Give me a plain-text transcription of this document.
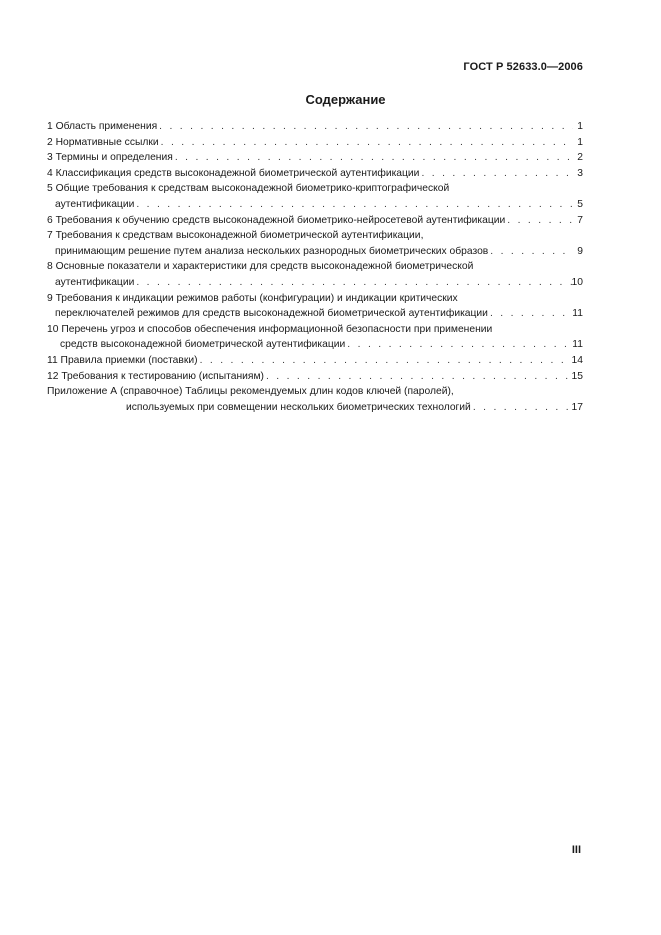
ГОСТ Р 52633.0—2006
Содержание
1 Область применения . . .	1
2 Нормативные ссылки . . .	1
3 Термины и определения . . .	2
4 Классификация средств высоконадежной биометрической аутентификации . . .	3
5 Общие требования к средствам высоконадежной биометрико-криптографической
аутентификации . . .	5
6 Требования к обучению средств высоконадежной биометрико-нейросетевой аутентификации . . .	7
7 Требования к средствам высоконадежной биометрической аутентификации,
принимающим решение путем анализа нескольких разнородных биометрических образов . . .	9
8 Основные показатели и характеристики для средств высоконадежной биометрической
аутентификации . . .	10
9 Требования к индикации режимов работы (конфигурации) и индикации критических
переключателей режимов для средств высоконадежной биометрической аутентификации . . .	11
10 Перечень угроз и способов обеспечения информационной безопасности при применении
средств высоконадежной биометрической аутентификации . . .	11
11 Правила приемки (поставки) . . .	14
12 Требования к тестированию (испытаниям) . . .	15
Приложение А (справочное) Таблицы рекомендуемых длин кодов ключей (паролей),
используемых при совмещении нескольких биометрических технологий . . .	17
III
